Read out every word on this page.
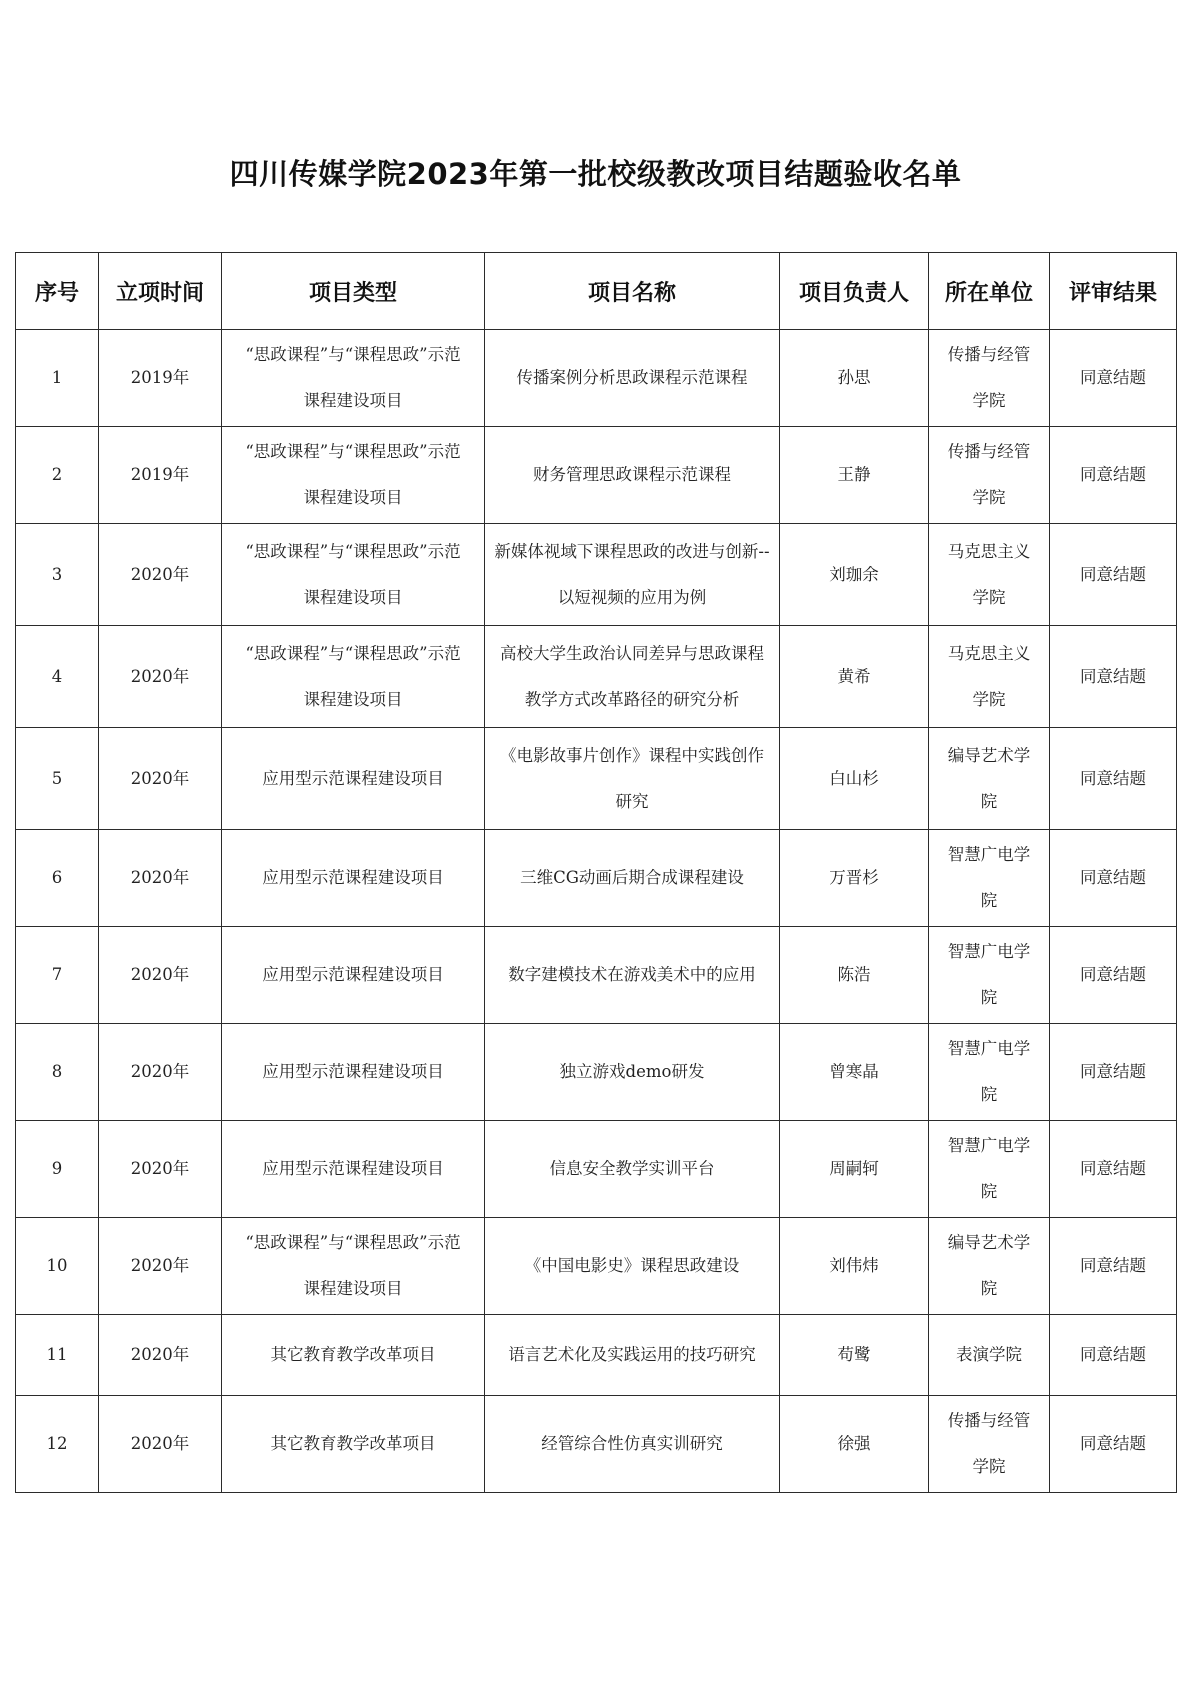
四川传媒学院2023年第一批校级教改项目结题验收名单
序号	立项时间	项目类型	项目名称	项目负责人	所在单位	评审结果
1	2019年	“思政课程”与“课程思政”示范课程建设项目	传播案例分析思政课程示范课程	孙思	传播与经管学院	同意结题
2	2019年	“思政课程”与“课程思政”示范课程建设项目	财务管理思政课程示范课程	王静	传播与经管学院	同意结题
3	2020年	“思政课程”与“课程思政”示范课程建设项目	新媒体视域下课程思政的改进与创新--以短视频的应用为例	刘珈余	马克思主义学院	同意结题
4	2020年	“思政课程”与“课程思政”示范课程建设项目	高校大学生政治认同差异与思政课程教学方式改革路径的研究分析	黄希	马克思主义学院	同意结题
5	2020年	应用型示范课程建设项目	《电影故事片创作》课程中实践创作研究	白山杉	编导艺术学院	同意结题
6	2020年	应用型示范课程建设项目	三维CG动画后期合成课程建设	万晋杉	智慧广电学院	同意结题
7	2020年	应用型示范课程建设项目	数字建模技术在游戏美术中的应用	陈浩	智慧广电学院	同意结题
8	2020年	应用型示范课程建设项目	独立游戏demo研发	曾寒晶	智慧广电学院	同意结题
9	2020年	应用型示范课程建设项目	信息安全教学实训平台	周嗣轲	智慧广电学院	同意结题
10	2020年	“思政课程”与“课程思政”示范课程建设项目	《中国电影史》课程思政建设	刘伟炜	编导艺术学院	同意结题
11	2020年	其它教育教学改革项目	语言艺术化及实践运用的技巧研究	苟鹭	表演学院	同意结题
12	2020年	其它教育教学改革项目	经管综合性仿真实训研究	徐强	传播与经管学院	同意结题
